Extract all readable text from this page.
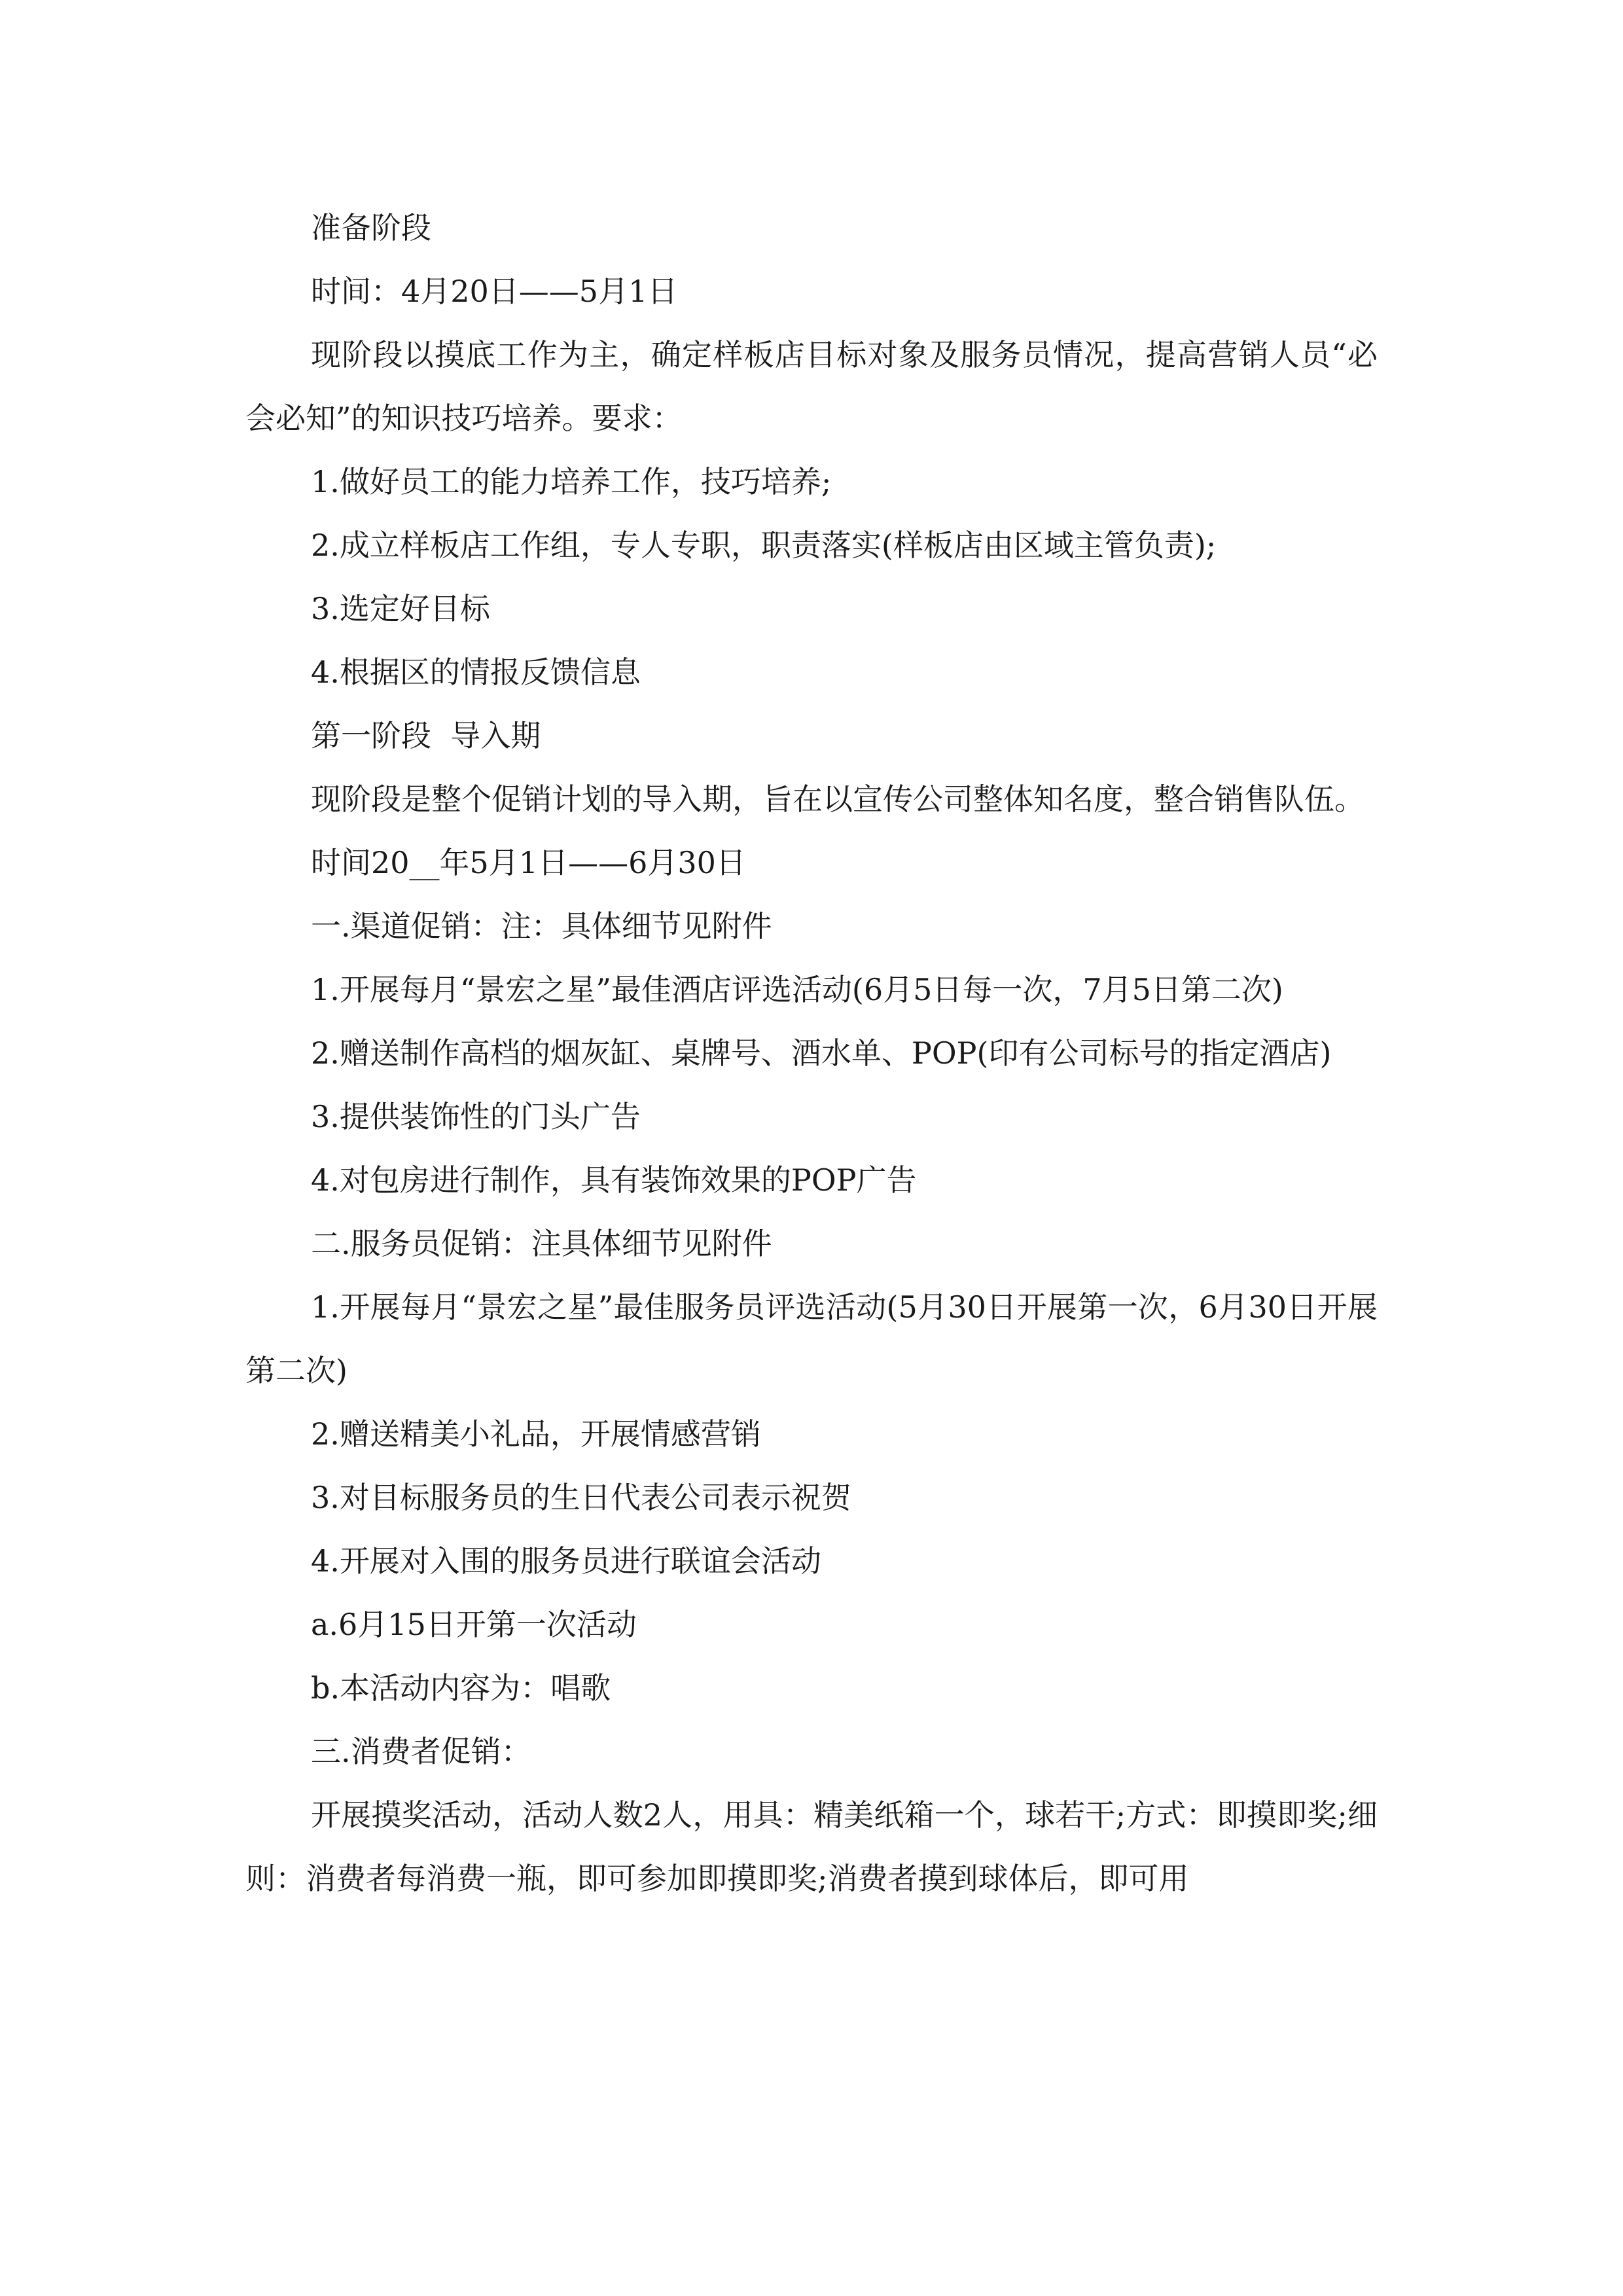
准备阶段

时间：4月20日——5月1日

现阶段以摸底工作为主，确定样板店目标对象及服务员情况，提高营销人员“必会必知”的知识技巧培养。要求：

1.做好员工的能力培养工作，技巧培养;

2.成立样板店工作组，专人专职，职责落实(样板店由区域主管负责);

3.选定好目标

4.根据区的情报反馈信息

第一阶段  导入期

现阶段是整个促销计划的导入期，旨在以宣传公司整体知名度，整合销售队伍。

时间20__年5月1日——6月30日

一.渠道促销：注：具体细节见附件

1.开展每月“景宏之星”最佳酒店评选活动(6月5日每一次，7月5日第二次)

2.赠送制作高档的烟灰缸、桌牌号、酒水单、POP(印有公司标号的指定酒店)

3.提供装饰性的门头广告

4.对包房进行制作，具有装饰效果的POP广告

二.服务员促销：注具体细节见附件

1.开展每月“景宏之星”最佳服务员评选活动(5月30日开展第一次，6月30日开展第二次)

2.赠送精美小礼品，开展情感营销

3.对目标服务员的生日代表公司表示祝贺

4.开展对入围的服务员进行联谊会活动

a.6月15日开第一次活动

b.本活动内容为：唱歌

三.消费者促销：

开展摸奖活动，活动人数2人，用具：精美纸箱一个，球若干;方式：即摸即奖;细则：消费者每消费一瓶，即可参加即摸即奖;消费者摸到球体后，即可用
